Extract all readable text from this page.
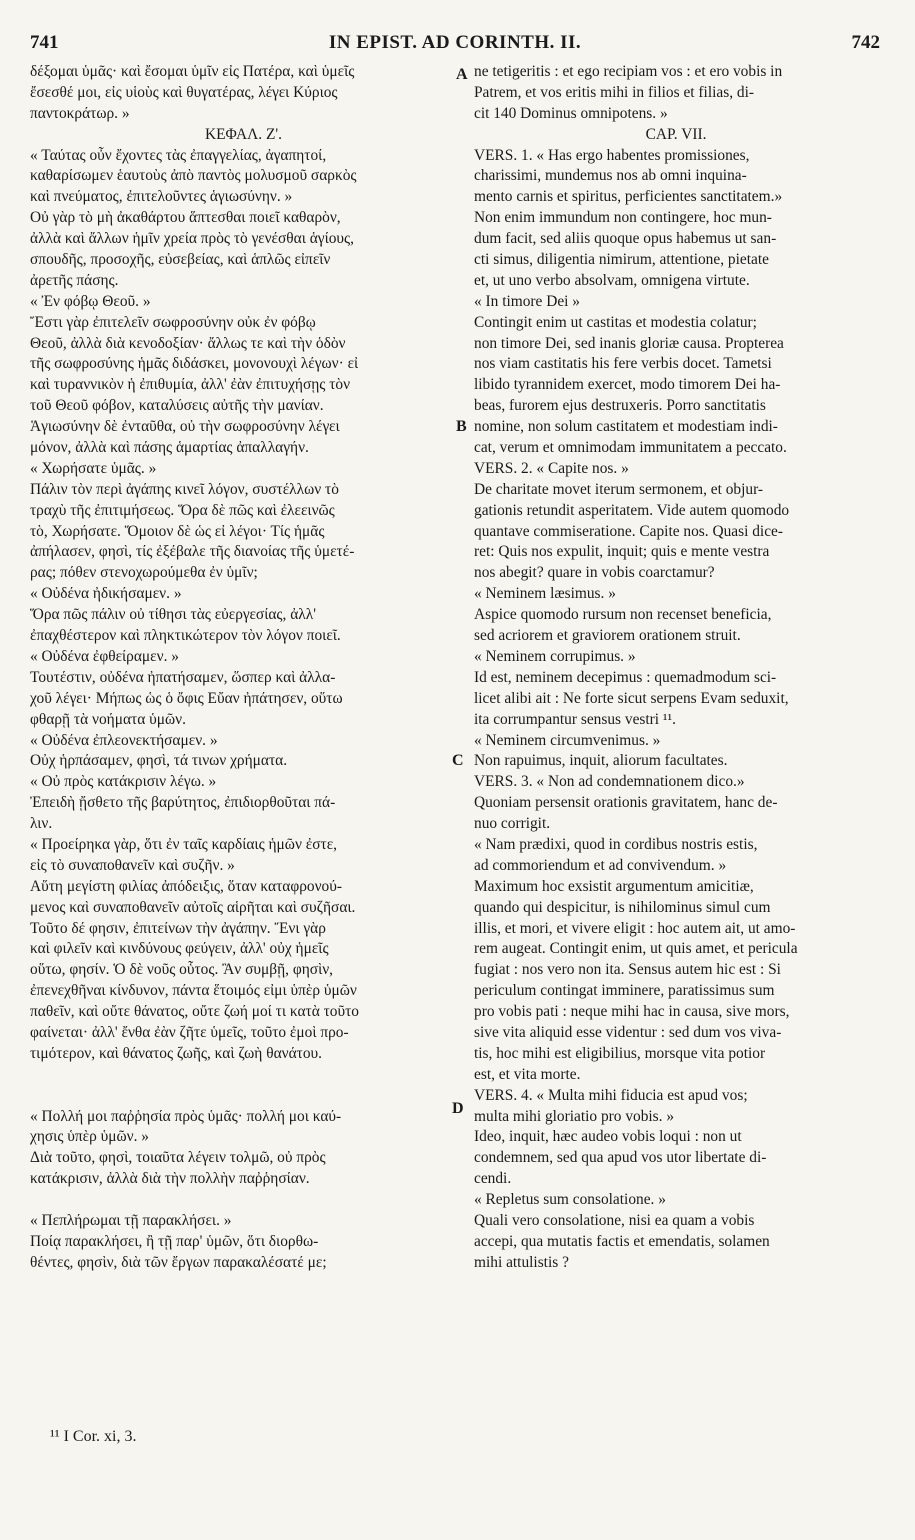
741	IN EPIST. AD CORINTH. II.	742
δέξομαι ὑμᾶς· καὶ ἔσομαι ὑμῖν εἰς Πατέρα, καὶ ὑμεῖς
ἔσεσθέ μοι, εἰς υἱοὺς καὶ θυγατέρας, λέγει Κύριος
παντοκράτωρ. »
ΚΕΦΑΛ. Ζ'.
« Ταύτας οὖν ἔχοντες τὰς ἐπαγγελίας, ἀγαπητοί,
καθαρίσωμεν ἑαυτοὺς ἀπὸ παντὸς μολυσμοῦ σαρκὸς
καὶ πνεύματος, ἐπιτελοῦντες ἁγιωσύνην. »
Οὐ γὰρ τὸ μὴ ἀκαθάρτου ἅπτεσθαι ποιεῖ καθαρὸν,
ἀλλὰ καὶ ἄλλων ἡμῖν χρεία πρὸς τὸ γενέσθαι ἁγίους,
σπουδῆς, προσοχῆς, εὐσεβείας, καὶ ἁπλῶς εἰπεῖν
ἀρετῆς πάσης.
« Ἐν φόβῳ Θεοῦ. »
Ἔστι γὰρ ἐπιτελεῖν σωφροσύνην οὐκ ἐν φόβῳ
Θεοῦ, ἀλλὰ διὰ κενοδοξίαν· ἄλλως τε καὶ τὴν ὁδὸν
τῆς σωφροσύνης ἡμᾶς διδάσκει, μονονουχὶ λέγων· εἰ
καὶ τυραννικὸν ἡ ἐπιθυμία, ἀλλ' ἐὰν ἐπιτυχήσῃς τὸν
τοῦ Θεοῦ φόβον, καταλύσεις αὐτῆς τὴν μανίαν.
Ἁγιωσύνην δὲ ἐνταῦθα, οὐ τὴν σωφροσύνην λέγει
μόνον, ἀλλὰ καὶ πάσης ἁμαρτίας ἀπαλλαγήν.
« Χωρήσατε ὑμᾶς. »
Πάλιν τὸν περὶ ἀγάπης κινεῖ λόγον, συστέλλων τὸ
τραχὺ τῆς ἐπιτιμήσεως. Ὅρα δὲ πῶς καὶ ἐλεεινῶς
τὸ, Χωρήσατε. Ὅμοιον δὲ ὡς εἰ λέγοι· Τίς ἡμᾶς
ἀπήλασεν, φησὶ, τίς ἐξέβαλε τῆς διανοίας τῆς ὑμετέ-
ρας; πόθεν στενοχωρούμεθα ἐν ὑμῖν;
« Οὐδένα ἠδικήσαμεν. »
Ὅρα πῶς πάλιν οὐ τίθησι τὰς εὐεργεσίας, ἀλλ'
ἐπαχθέστερον καὶ πληκτικώτερον τὸν λόγον ποιεῖ.
« Οὐδένα ἐφθείραμεν. »
Τουτέστιν, οὐδένα ἠπατήσαμεν, ὥσπερ καὶ ἀλλα-
χοῦ λέγει· Μήπως ὡς ὁ ὄφις Εὔαν ἠπάτησεν, οὕτω
φθαρῇ τὰ νοήματα ὑμῶν.
« Οὐδένα ἐπλεονεκτήσαμεν. »
Οὐχ ἡρπάσαμεν, φησὶ, τά τινων χρήματα.
« Οὐ πρὸς κατάκρισιν λέγω. »
Ἐπειδὴ ᾔσθετο τῆς βαρύτητος, ἐπιδιορθοῦται πά-
λιν.
« Προείρηκα γὰρ, ὅτι ἐν ταῖς καρδίαις ἡμῶν ἐστε,
εἰς τὸ συναποθανεῖν καὶ συζῆν. »
Αὕτη μεγίστη φιλίας ἀπόδειξις, ὅταν καταφρονού-
μενος καὶ συναποθανεῖν αὐτοῖς αἱρῆται καὶ συζῆσαι.
Τοῦτο δέ φησιν, ἐπιτείνων τὴν ἀγάπην. Ἔνι γὰρ
καὶ φιλεῖν καὶ κινδύνους φεύγειν, ἀλλ' οὐχ ἡμεῖς
οὕτω, φησίν. Ὁ δὲ νοῦς οὗτος. Ἂν συμβῇ, φησὶν,
ἐπενεχθῆναι κίνδυνον, πάντα ἕτοιμός εἰμι ὑπὲρ ὑμῶν
παθεῖν, καὶ οὔτε θάνατος, οὔτε ζωή μοί τι κατὰ τοῦτο
φαίνεται· ἀλλ' ἔνθα ἐὰν ζῆτε ὑμεῖς, τοῦτο ἐμοὶ προ-
τιμότερον, καὶ θάνατος ζωῆς, καὶ ζωὴ θανάτου.
« Πολλή μοι παῤῥησία πρὸς ὑμᾶς· πολλή μοι καύ-
χησις ὑπὲρ ὑμῶν. »
Διὰ τοῦτο, φησὶ, τοιαῦτα λέγειν τολμῶ, οὐ πρὸς
κατάκρισιν, ἀλλὰ διὰ τὴν πολλὴν παῤῥησίαν.
« Πεπλήρωμαι τῇ παρακλήσει. »
Ποίᾳ παρακλήσει, ἢ τῇ παρ' ὑμῶν, ὅτι διορθω-
θέντες, φησὶν, διὰ τῶν ἔργων παρακαλέσατέ με;
ne tetigeritis : et ego recipiam vos : et ero vobis in
Patrem, et vos eritis mihi in filios et filias, di-
cit 140 Dominus omnipotens. »
CAP. VII.
VERS. 1. « Has ergo habentes promissiones,
charissimi, mundemus nos ab omni inquina-
mento carnis et spiritus, perficientes sanctitatem.»
Non enim immundum non contingere, hoc mun-
dum facit, sed aliis quoque opus habemus ut san-
cti simus, diligentia nimirum, attentione, pietate
et, ut uno verbo absolvam, omnigena virtute.
« In timore Dei »
Contingit enim ut castitas et modestia colatur;
non timore Dei, sed inanis gloriæ causa. Propterea
nos viam castitatis his fere verbis docet. Tametsi
libido tyrannidem exercet, modo timorem Dei ha-
beas, furorem ejus destruxeris. Porro sanctitatis
nomine, non solum castitatem et modestiam indi-
cat, verum et omnimodam immunitatem a peccato.
VERS. 2. « Capite nos. »
De charitate movet iterum sermonem, et objur-
gationis retundit asperitatem. Vide autem quomodo
quantave commiseratione. Capite nos. Quasi dice-
ret: Quis nos expulit, inquit; quis e mente vestra
nos abegit? quare in vobis coarctamur?
« Neminem læsimus. »
Aspice quomodo rursum non recenset beneficia,
sed acriorem et graviorem orationem struit.
« Neminem corrupimus. »
Id est, neminem decepimus : quemadmodum sci-
licet alibi ait : Ne forte sicut serpens Evam seduxit,
ita corrumpantur sensus vestri ¹¹.
« Neminem circumvenimus. »
Non rapuimus, inquit, aliorum facultates.
VERS. 3. « Non ad condemnationem dico.»
Quoniam persensit orationis gravitatem, hanc de-
nuo corrigit.
« Nam prædixi, quod in cordibus nostris estis,
ad commoriendum et ad convivendum. »
Maximum hoc exsistit argumentum amicitiæ,
quando qui despicitur, is nihilominus simul cum
illis, et mori, et vivere eligit : hoc autem ait, ut amo-
rem augeat. Contingit enim, ut quis amet, et pericula
fugiat : nos vero non ita. Sensus autem hic est : Si
periculum contingat imminere, paratissimus sum
pro vobis pati : neque mihi hac in causa, sive mors,
sive vita aliquid esse videntur : sed dum vos viva-
tis, hoc mihi est eligibilius, morsque vita potior
est, et vita morte.
VERS. 4. « Multa mihi fiducia est apud vos;
multa mihi gloriatio pro vobis. »
Ideo, inquit, hæc audeo vobis loqui : non ut
condemnem, sed qua apud vos utor libertate di-
cendi.
« Repletus sum consolatione. »
Quali vero consolatione, nisi ea quam a vobis
accepi, qua mutatis factis et emendatis, solamen
mihi attulistis ?
A
B
C
D
¹¹ I Cor. xi, 3.
